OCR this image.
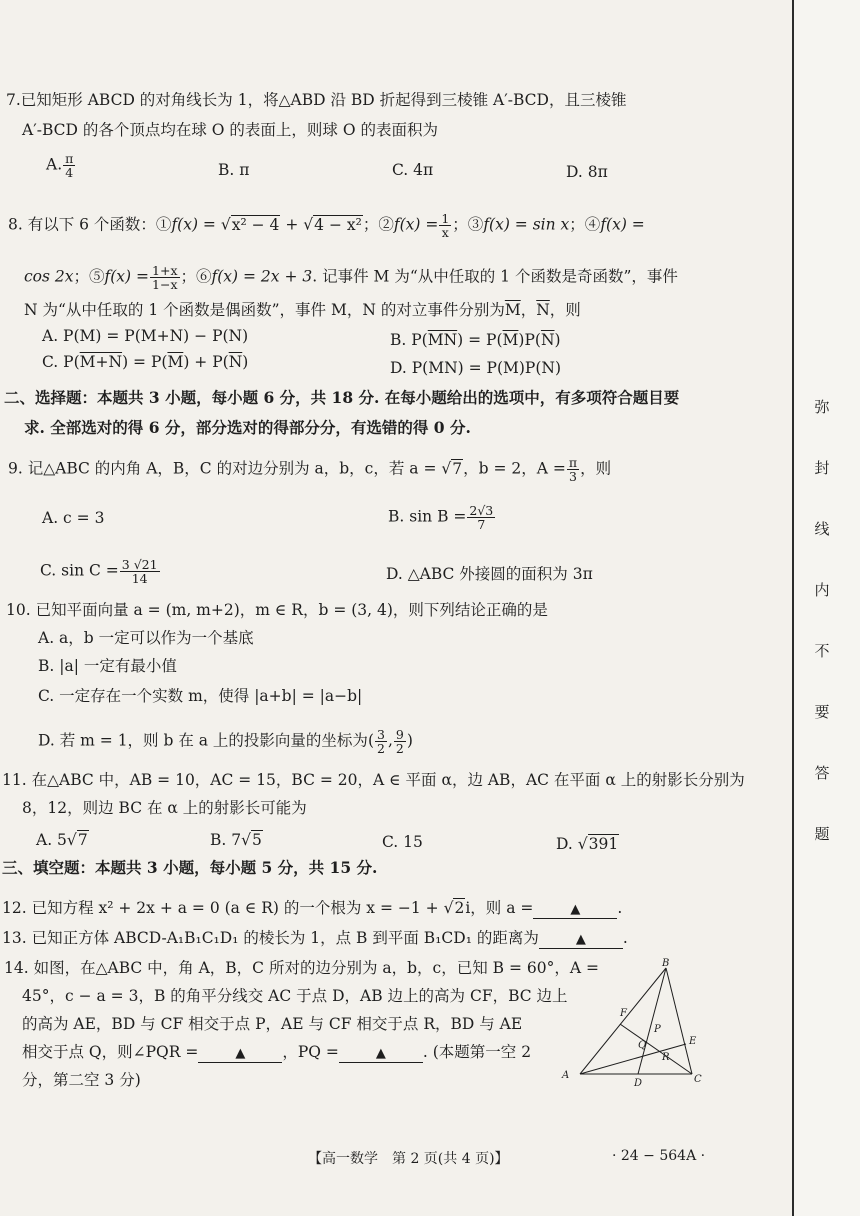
7.已知矩形 ABCD 的对角线长为 1，将△ABD 沿 BD 折起得到三棱锥 A′-BCD，且三棱锥
A′-BCD 的各个顶点均在球 O 的表面上，则球 O 的表面积为
A. $\frac{\pi}{4}$	B. π	C. 4π	D. 8π
8. 有以下 6 个函数：①f(x) = √x² − 4 + √4 − x²；②f(x) = $\frac{1}{x}$ ；③f(x) = sin x；④f(x) =
cos 2x；⑤f(x) = $\frac{1+x}{1-x}$ ；⑥f(x) = 2x + 3. 记事件 M 为“从中任取的 1 个函数是奇函数”，事件
N 为“从中任取的 1 个函数是偶函数”，事件 M，N 的对立事件分别为$\overline{M}$，$\overline{N}$，则
A. P(M) = P(M+N) − P(N)	B. $P(\overline{MN}) = P(\overline{M})P(\overline{N})$
C. $P(M+N) = P(\overline{M}) + P(\overline{N})$	D. P(MN) = P(M)P(N)
二、选择题：本题共 3 小题，每小题 6 分，共 18 分. 在每小题给出的选项中，有多项符合题目要
求. 全部选对的得 6 分，部分选对的得部分分，有选错的得 0 分.
9. 记△ABC 的内角 A，B，C 的对边分别为 a，b，c，若 a = √7，b = 2，$A = \frac{\pi}{3}$ ，则
A. c = 3	B. $\sin B = \frac{2√3}{7}$
C. $\sin C = \frac{3 √21}{14}$	D. △ABC 外接圆的面积为 3π
10. 已知平面向量 a = (m, m+2)，m ∈ R，b = (3, 4)，则下列结论正确的是
A. a，b 一定可以作为一个基底
B. |a| 一定有最小值
C. 一定存在一个实数 m，使得 |a+b| = |a−b|
D. 若 m = 1，则 b 在 a 上的投影向量的坐标为( $\frac{3}{2}$ , $\frac{9}{2}$ )
11. 在△ABC 中，AB = 10，AC = 15，BC = 20，A ∈ 平面 α，边 AB，AC 在平面 α 上的射影长分别为
8，12，则边 BC 在 α 上的射影长可能为
A. 5√7	B. 7√5	C. 15	D. √391
三、填空题：本题共 3 小题，每小题 5 分，共 15 分.
12. 已知方程 x² + 2x + a = 0 (a ∈ R) 的一个根为 x = −1 + √2i，则 a =	▲ .
13. 已知正方体 ABCD-A₁B₁C₁D₁ 的棱长为 1，点 B 到平面 B₁CD₁ 的距离为	▲ .
14. 如图，在△ABC 中，角 A，B，C 所对的边分别为 a，b，c，已知 B = 60°，A =
45°，c − a = 3，B 的角平分线交 AC 于点 D，AB 边上的高为 CF，BC 边上
的高为 AE，BD 与 CF 相交于点 P，AE 与 CF 相交于点 R，BD 与 AE
相交于点 Q，则∠PQR =	▲ ，PQ =	▲ . (本题第一空 2
分，第二空 3 分)
B
F
P
E
Q
R
A
D	C
【高一数学　第 2 页(共 4 页)】	· 24 − 564A ·
弥
封
线
内
不
要
答
题
